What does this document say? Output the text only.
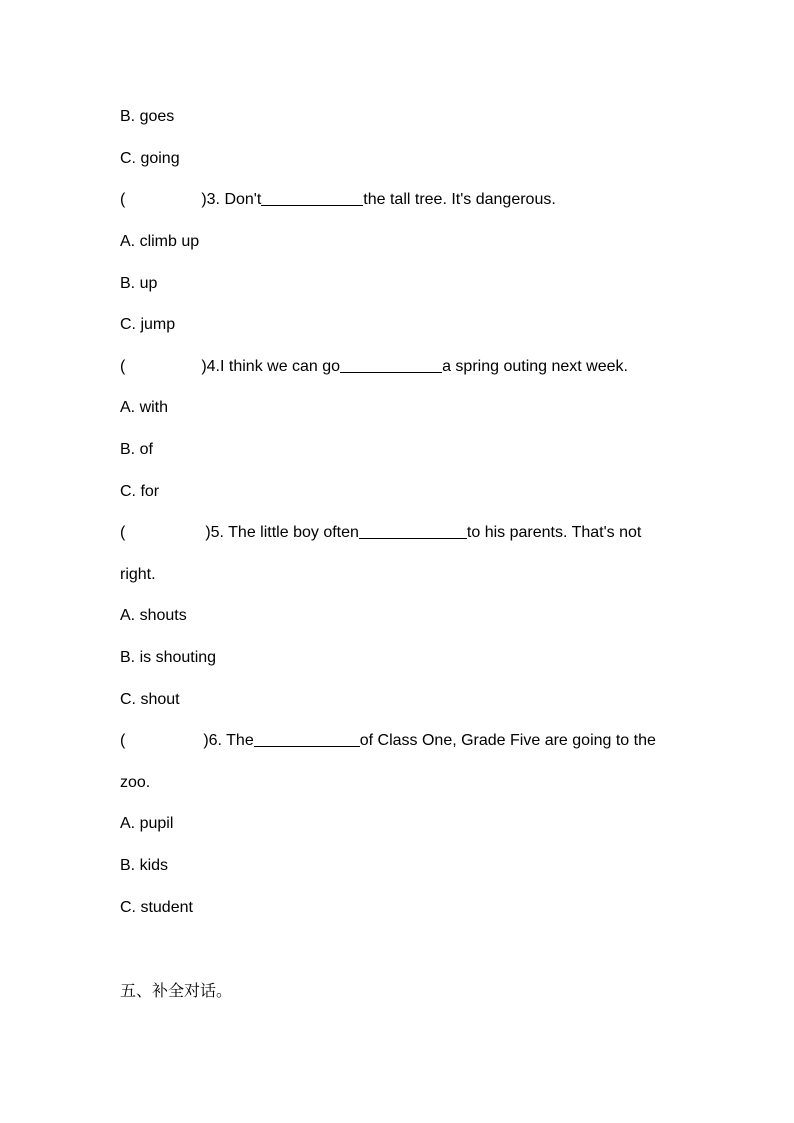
B. goes
C. going
(	)3. Don't	the tall tree. It's dangerous.
A. climb up
B. up
C. jump
(	)4.I think we can go	a spring outing next week.
A. with
B. of
C. for
(	)5. The little boy often	to his parents. That's not
right.
A. shouts
B. is shouting
C. shout
(	)6. The	of Class One, Grade Five are going to the
zoo.
A. pupil
B. kids
C. student
五、补全对话。
